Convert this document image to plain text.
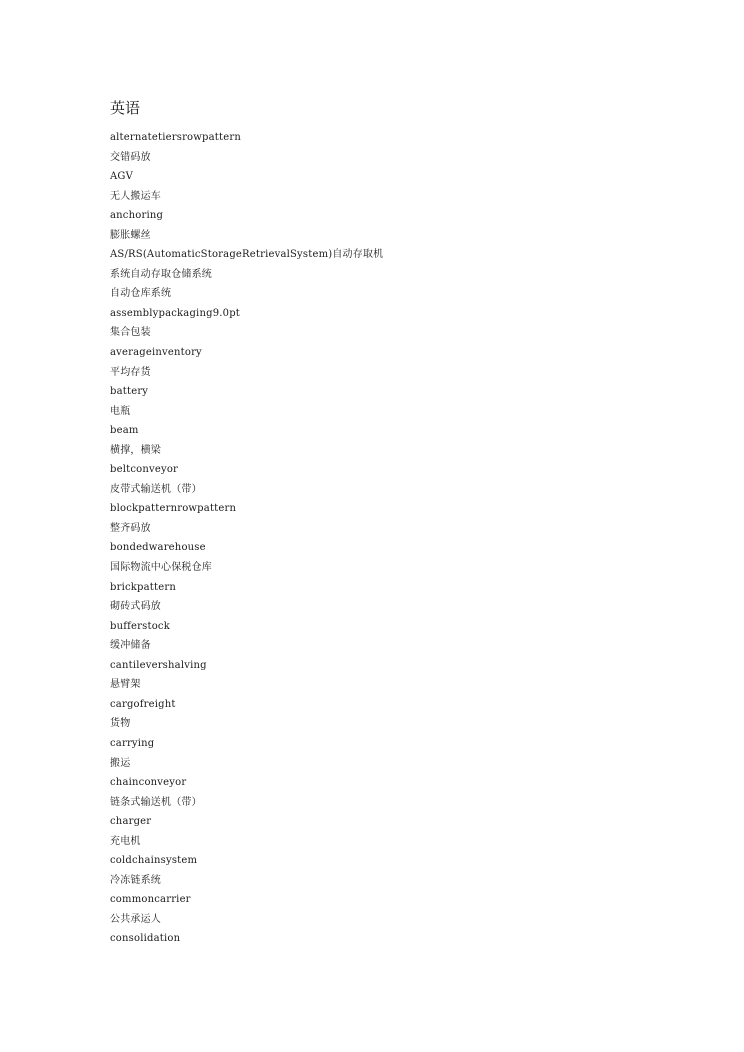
英语
alternatetiersrowpattern
交错码放
AGV
无人搬运车
anchoring
膨胀螺丝
AS/RS(AutomaticStorageRetrievalSystem)自动存取机
系统自动存取仓储系统
自动仓库系统
assemblypackaging9.0pt
集合包装
averageinventory
平均存货
battery
电瓶
beam
横撑，横梁
beltconveyor
皮带式输送机（带）
blockpatternrowpattern
整齐码放
bondedwarehouse
国际物流中心保税仓库
brickpattern
砌砖式码放
bufferstock
缓冲储备
cantilevershalving
悬臂架
cargofreight
货物
carrying
搬运
chainconveyor
链条式输送机（带）
charger
充电机
coldchainsystem
冷冻链系统
commoncarrier
公共承运人
consolidation
